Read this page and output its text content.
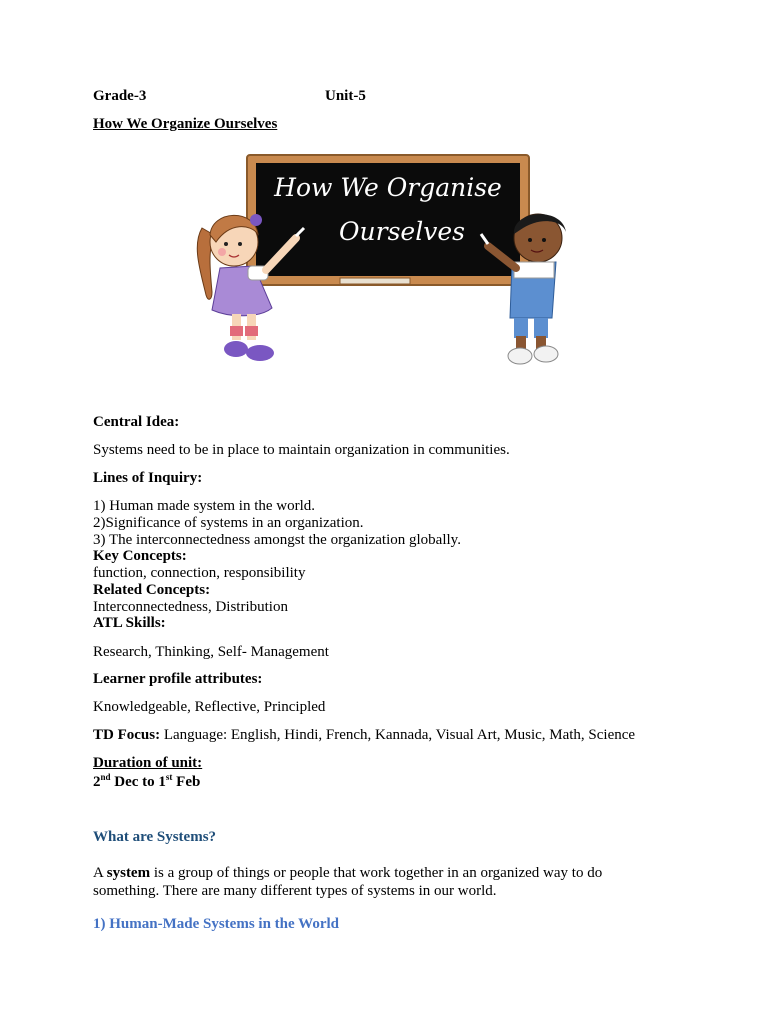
Grade-3	Unit-5
How We Organize Ourselves
How We Organise
Ourselves
Central Idea:
Systems need to be in place to maintain organization in communities.
Lines of Inquiry:
1) Human made system in the world.
2)Significance of systems in an organization.
3) The interconnectedness amongst the organization globally.
Key Concepts:
function, connection, responsibility
Related Concepts:
Interconnectedness, Distribution
ATL Skills:
Research, Thinking, Self- Management
Learner profile attributes:
Knowledgeable, Reflective, Principled
TD Focus: Language: English, Hindi, French, Kannada, Visual Art, Music, Math, Science
Duration of unit:
2nd Dec to 1st Feb
What are Systems?
A system is a group of things or people that work together in an organized way to do something. There are many different types of systems in our world.
1) Human-Made Systems in the World
